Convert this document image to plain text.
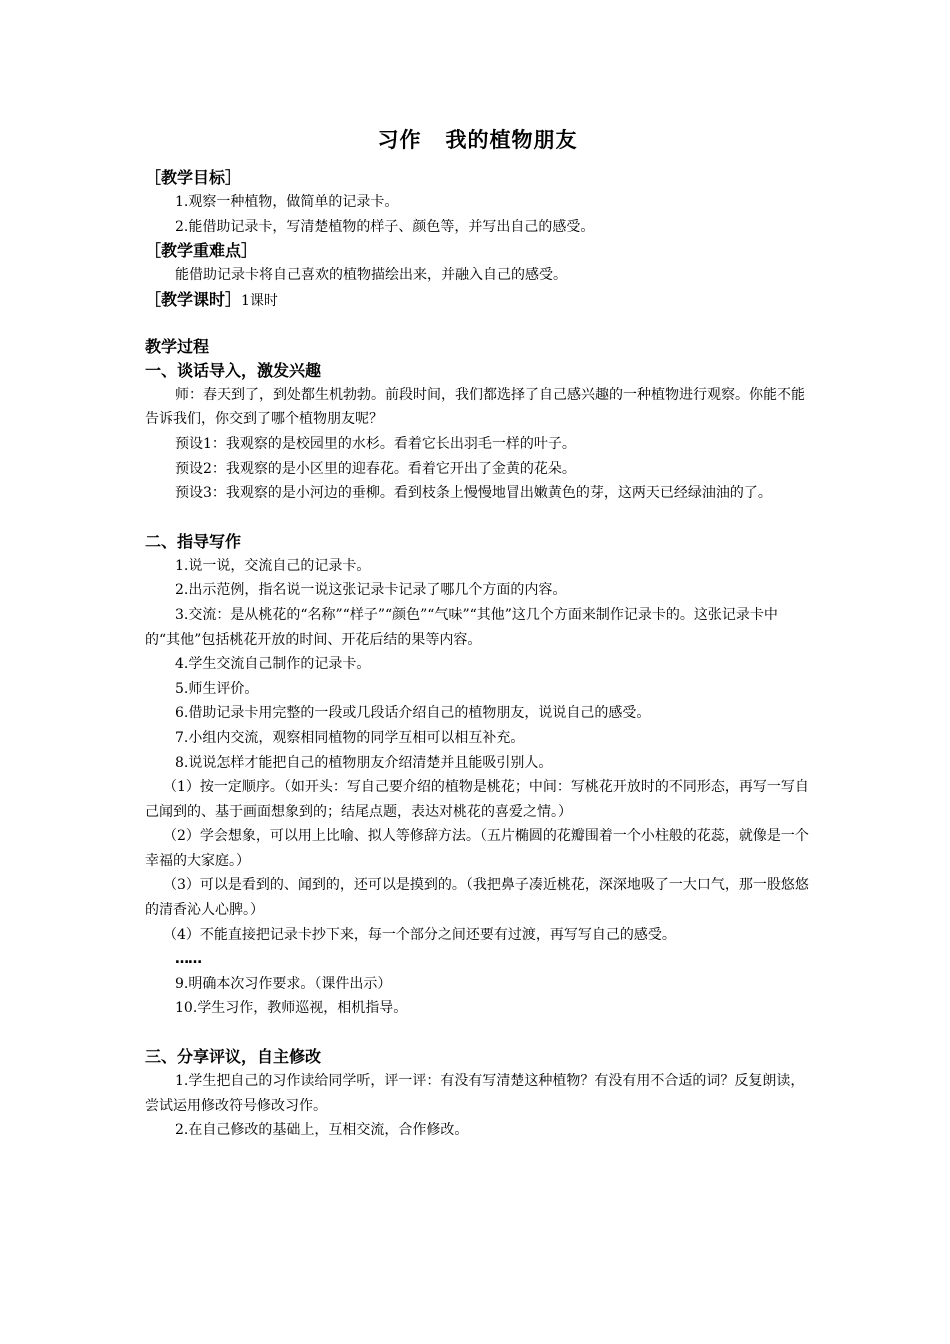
习作 我的植物朋友
［教学目标］

1.观察一种植物，做简单的记录卡。

2.能借助记录卡，写清楚植物的样子、颜色等，并写出自己的感受。

［教学重难点］

能借助记录卡将自己喜欢的植物描绘出来，并融入自己的感受。

［教学课时］1课时
教学过程
一、谈话导入，激发兴趣

师：春天到了，到处都生机勃勃。前段时间，我们都选择了自己感兴趣的一种植物进行观察。你能不能告诉我们，你交到了哪个植物朋友呢？

预设1：我观察的是校园里的水杉。看着它长出羽毛一样的叶子。

预设2：我观察的是小区里的迎春花。看着它开出了金黄的花朵。

预设3：我观察的是小河边的垂柳。看到枝条上慢慢地冒出嫩黄色的芽，这两天已经绿油油的了。

二、指导写作

1.说一说，交流自己的记录卡。

2.出示范例，指名说一说这张记录卡记录了哪几个方面的内容。

3.交流：是从桃花的“名称”“样子”“颜色”“气味”“其他”这几个方面来制作记录卡的。这张记录卡中的“其他”包括桃花开放的时间、开花后结的果等内容。

4.学生交流自己制作的记录卡。

5.师生评价。

6.借助记录卡用完整的一段或几段话介绍自己的植物朋友，说说自己的感受。

7.小组内交流，观察相同植物的同学互相可以相互补充。

8.说说怎样才能把自己的植物朋友介绍清楚并且能吸引别人。

（1）按一定顺序。（如开头：写自己要介绍的植物是桃花；中间：写桃花开放时的不同形态，再写一写自己闻到的、基于画面想象到的；结尾点题，表达对桃花的喜爱之情。）

（2）学会想象，可以用上比喻、拟人等修辞方法。（五片椭圆的花瓣围着一个小柱般的花蕊，就像是一个幸福的大家庭。）

（3）可以是看到的、闻到的，还可以是摸到的。（我把鼻子凑近桃花，深深地吸了一大口气，那一股悠悠的清香沁人心脾。）

（4）不能直接把记录卡抄下来，每一个部分之间还要有过渡，再写写自己的感受。

……

9.明确本次习作要求。（课件出示）

10.学生习作，教师巡视，相机指导。

三、分享评议，自主修改

1.学生把自己的习作读给同学听，评一评：有没有写清楚这种植物？有没有用不合适的词？反复朗读，尝试运用修改符号修改习作。

2.在自己修改的基础上，互相交流，合作修改。
